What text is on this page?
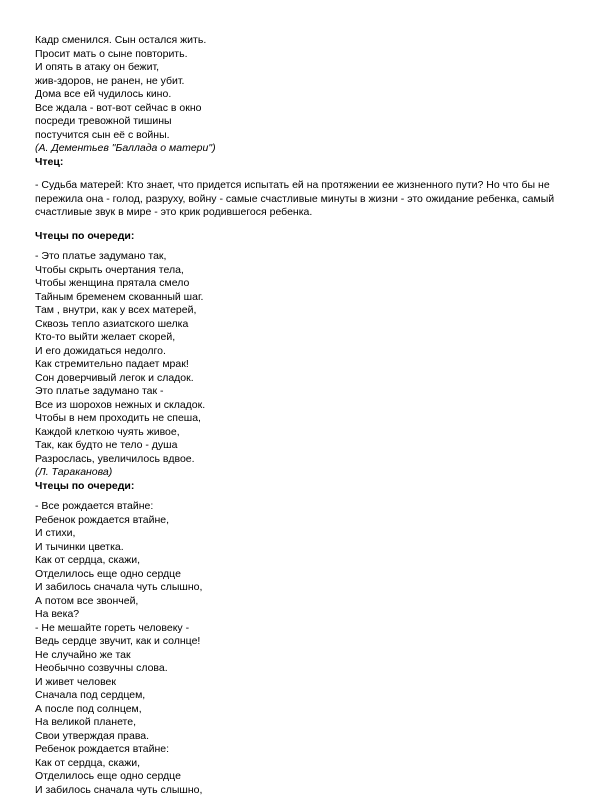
Кадр сменился. Сын остался жить.
Просит мать о сыне повторить.
И опять в атаку он бежит,
жив-здоров, не ранен, не убит.
Дома все ей чудилось кино.
Все ждала - вот-вот сейчас в окно
посреди тревожной тишины
постучится сын её с войны.
(А. Дементьев "Баллада о матери")
Чтец:
- Судьба матерей: Кто знает, что придется испытать ей на протяжении ее жизненного пути? Но что бы не пережила она - голод, разруху, войну - самые счастливые минуты в жизни - это ожидание ребенка, самый счастливые звук в мире - это крик родившегося ребенка.
Чтецы по очереди:
- Это платье задумано так,
Чтобы скрыть очертания тела,
Чтобы женщина прятала смело
Тайным бременем скованный шаг.
Там , внутри, как у всех матерей,
Сквозь тепло азиатского шелка
Кто-то выйти желает скорей,
И его дожидаться недолго.
Как стремительно падает мрак!
Сон доверчивый легок и сладок.
Это платье задумано так -
Все из шорохов нежных и складок.
Чтобы в нем проходить не спеша,
Каждой клеткою чуять живое,
Так, как будто не тело - душа
Разрослась, увеличилось вдвое.
(Л. Тараканова)
Чтецы по очереди:
- Все рождается втайне:
Ребенок рождается втайне,
И стихи,
И тычинки цветка.
Как от сердца, скажи,
Отделилось еще одно сердце
И забилось сначала чуть слышно,
А потом все звончей,
На века?
- Не мешайте гореть человеку -
Ведь сердце звучит, как и солнце!
Не случайно же так
Необычно созвучны слова.
И живет человек
Сначала под сердцем,
А после под солнцем,
На великой планете,
Свои утверждая права.
Ребенок рождается втайне:
Как от сердца, скажи,
Отделилось еще одно сердце
И забилось сначала чуть слышно,
